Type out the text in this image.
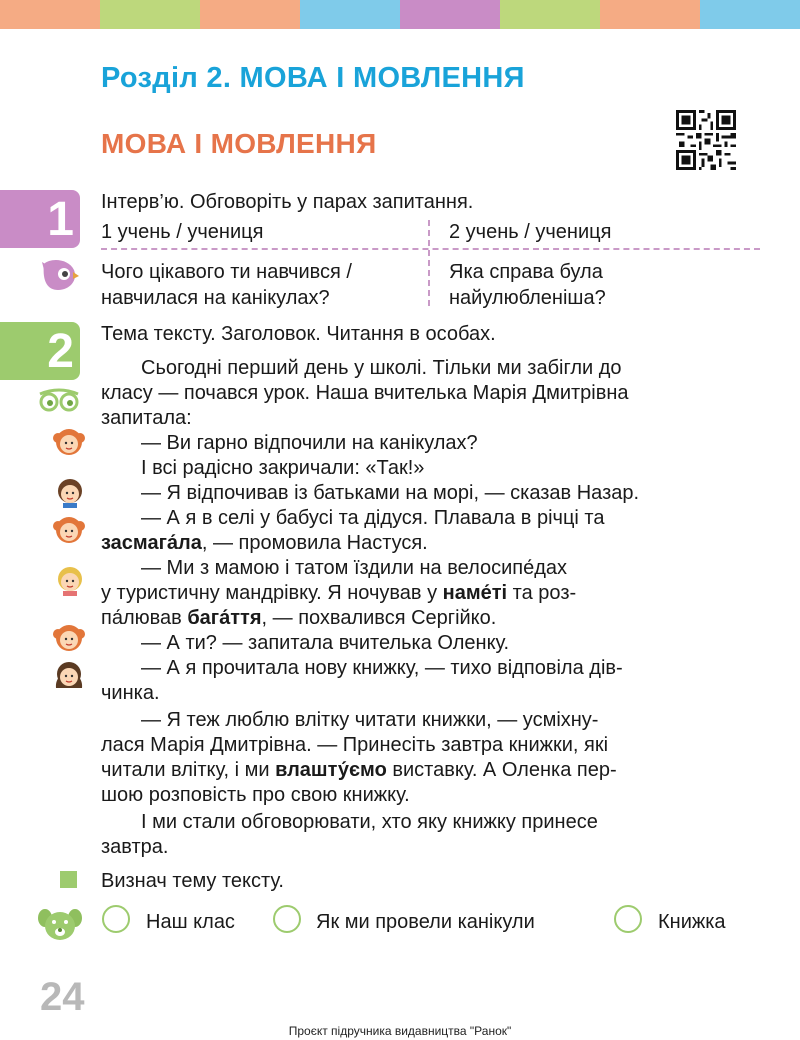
Розділ 2. МОВА І МОВЛЕННЯ
МОВА І МОВЛЕННЯ
1	Інтерв’ю. Обговоріть у парах запитання.
1 учень / учениця	2 учень / учениця
Чого цікавого ти навчився /
навчилася на канікулах?
Яка справа була
найулюбленіша?
2	Тема тексту. Заголовок. Читання в особах.
Сьогодні перший день у школі. Тільки ми забігли до
класу — почався урок. Наша вчителька Марія Дмитрівна
запитала:
— Ви гарно відпочили на канікулах?
І всі радісно закричали: «Так!»
— Я відпочивав із батьками на морі, — сказав Назар.
— А я в селі у бабусі та дідуся. Плавала в річці та
засмага́ла, — промовила Настуся.
— Ми з мамою і татом їздили на велосипе́дах
у туристичну мандрівку. Я ночував у наме́ті та роз-
па́лював бага́ття, — похвалився Сергійко.
— А ти? — запитала вчителька Оленку.
— А я прочитала нову книжку, — тихо відповіла дів-
чинка.
— Я теж люблю влітку читати книжки, — усміхну-
лася Марія Дмитрівна. — Принесіть завтра книжки, які
читали влітку, і ми влашту́ємо виставку. А Оленка пер-
шою розповість про свою книжку.
І ми стали обговорювати, хто яку книжку принесе
завтра.
Визнач тему тексту.
Наш клас	Як ми провели канікули	Книжка
24
Проєкт підручника видавництва "Ранок"
